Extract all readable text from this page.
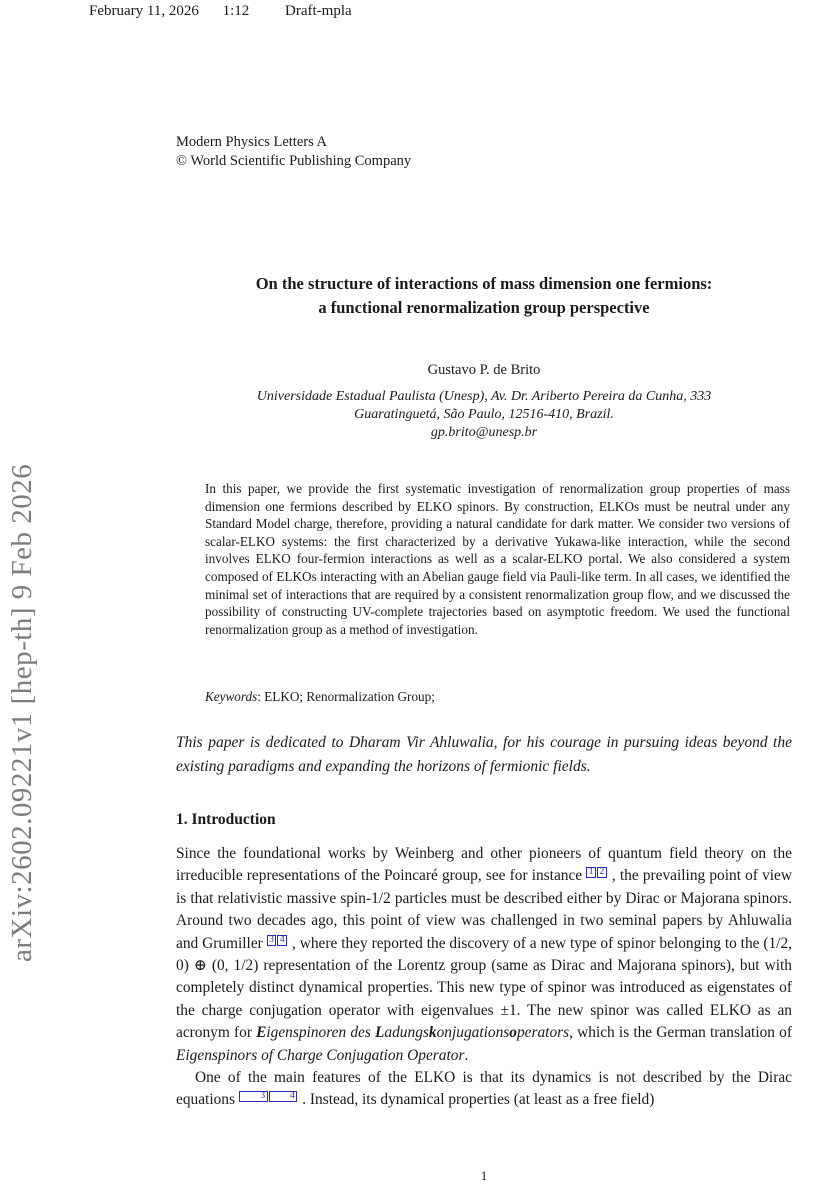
February 11, 2026 1:12 Draft-mpla
arXiv:2602.09221v1 [hep-th] 9 Feb 2026
Modern Physics Letters A
© World Scientific Publishing Company
On the structure of interactions of mass dimension one fermions:
a functional renormalization group perspective
Gustavo P. de Brito
Universidade Estadual Paulista (Unesp), Av. Dr. Ariberto Pereira da Cunha, 333
Guaratinguetá, São Paulo, 12516-410, Brazil.
gp.brito@unesp.br
In this paper, we provide the first systematic investigation of renormalization group properties of mass dimension one fermions described by ELKO spinors. By construction, ELKOs must be neutral under any Standard Model charge, therefore, providing a natural candidate for dark matter. We consider two versions of scalar-ELKO systems: the first characterized by a derivative Yukawa-like interaction, while the second involves ELKO four-fermion interactions as well as a scalar-ELKO portal. We also considered a system composed of ELKOs interacting with an Abelian gauge field via Pauli-like term. In all cases, we identified the minimal set of interactions that are required by a consistent renormalization group flow, and we discussed the possibility of constructing UV-complete trajectories based on asymptotic freedom. We used the functional renormalization group as a method of investigation.
Keywords: ELKO; Renormalization Group;
This paper is dedicated to Dharam Vir Ahluwalia, for his courage in pursuing ideas beyond the existing paradigms and expanding the horizons of fermionic fields.
1. Introduction

Since the foundational works by Weinberg and other pioneers of quantum field theory on the irreducible representations of the Poincaré group, see for instance 1 2 , the prevailing point of view is that relativistic massive spin-1/2 particles must be described either by Dirac or Majorana spinors. Around two decades ago, this point of view was challenged in two seminal papers by Ahluwalia and Grumiller 3 4 , where they reported the discovery of a new type of spinor belonging to the (1/2, 0) ⊕ (0, 1/2) representation of the Lorentz group (same as Dirac and Majorana spinors), but with completely distinct dynamical properties. This new type of spinor was introduced as eigenstates of the charge conjugation operator with eigenvalues ±1. The new spinor was called ELKO as an acronym for Eigenspinoren des Ladungskonjugationsoperators, which is the German translation of Eigenspinors of Charge Conjugation Operator.

One of the main features of the ELKO is that its dynamics is not described by the Dirac equations 3	4 . Instead, its dynamical properties (at least as a free field)

1
